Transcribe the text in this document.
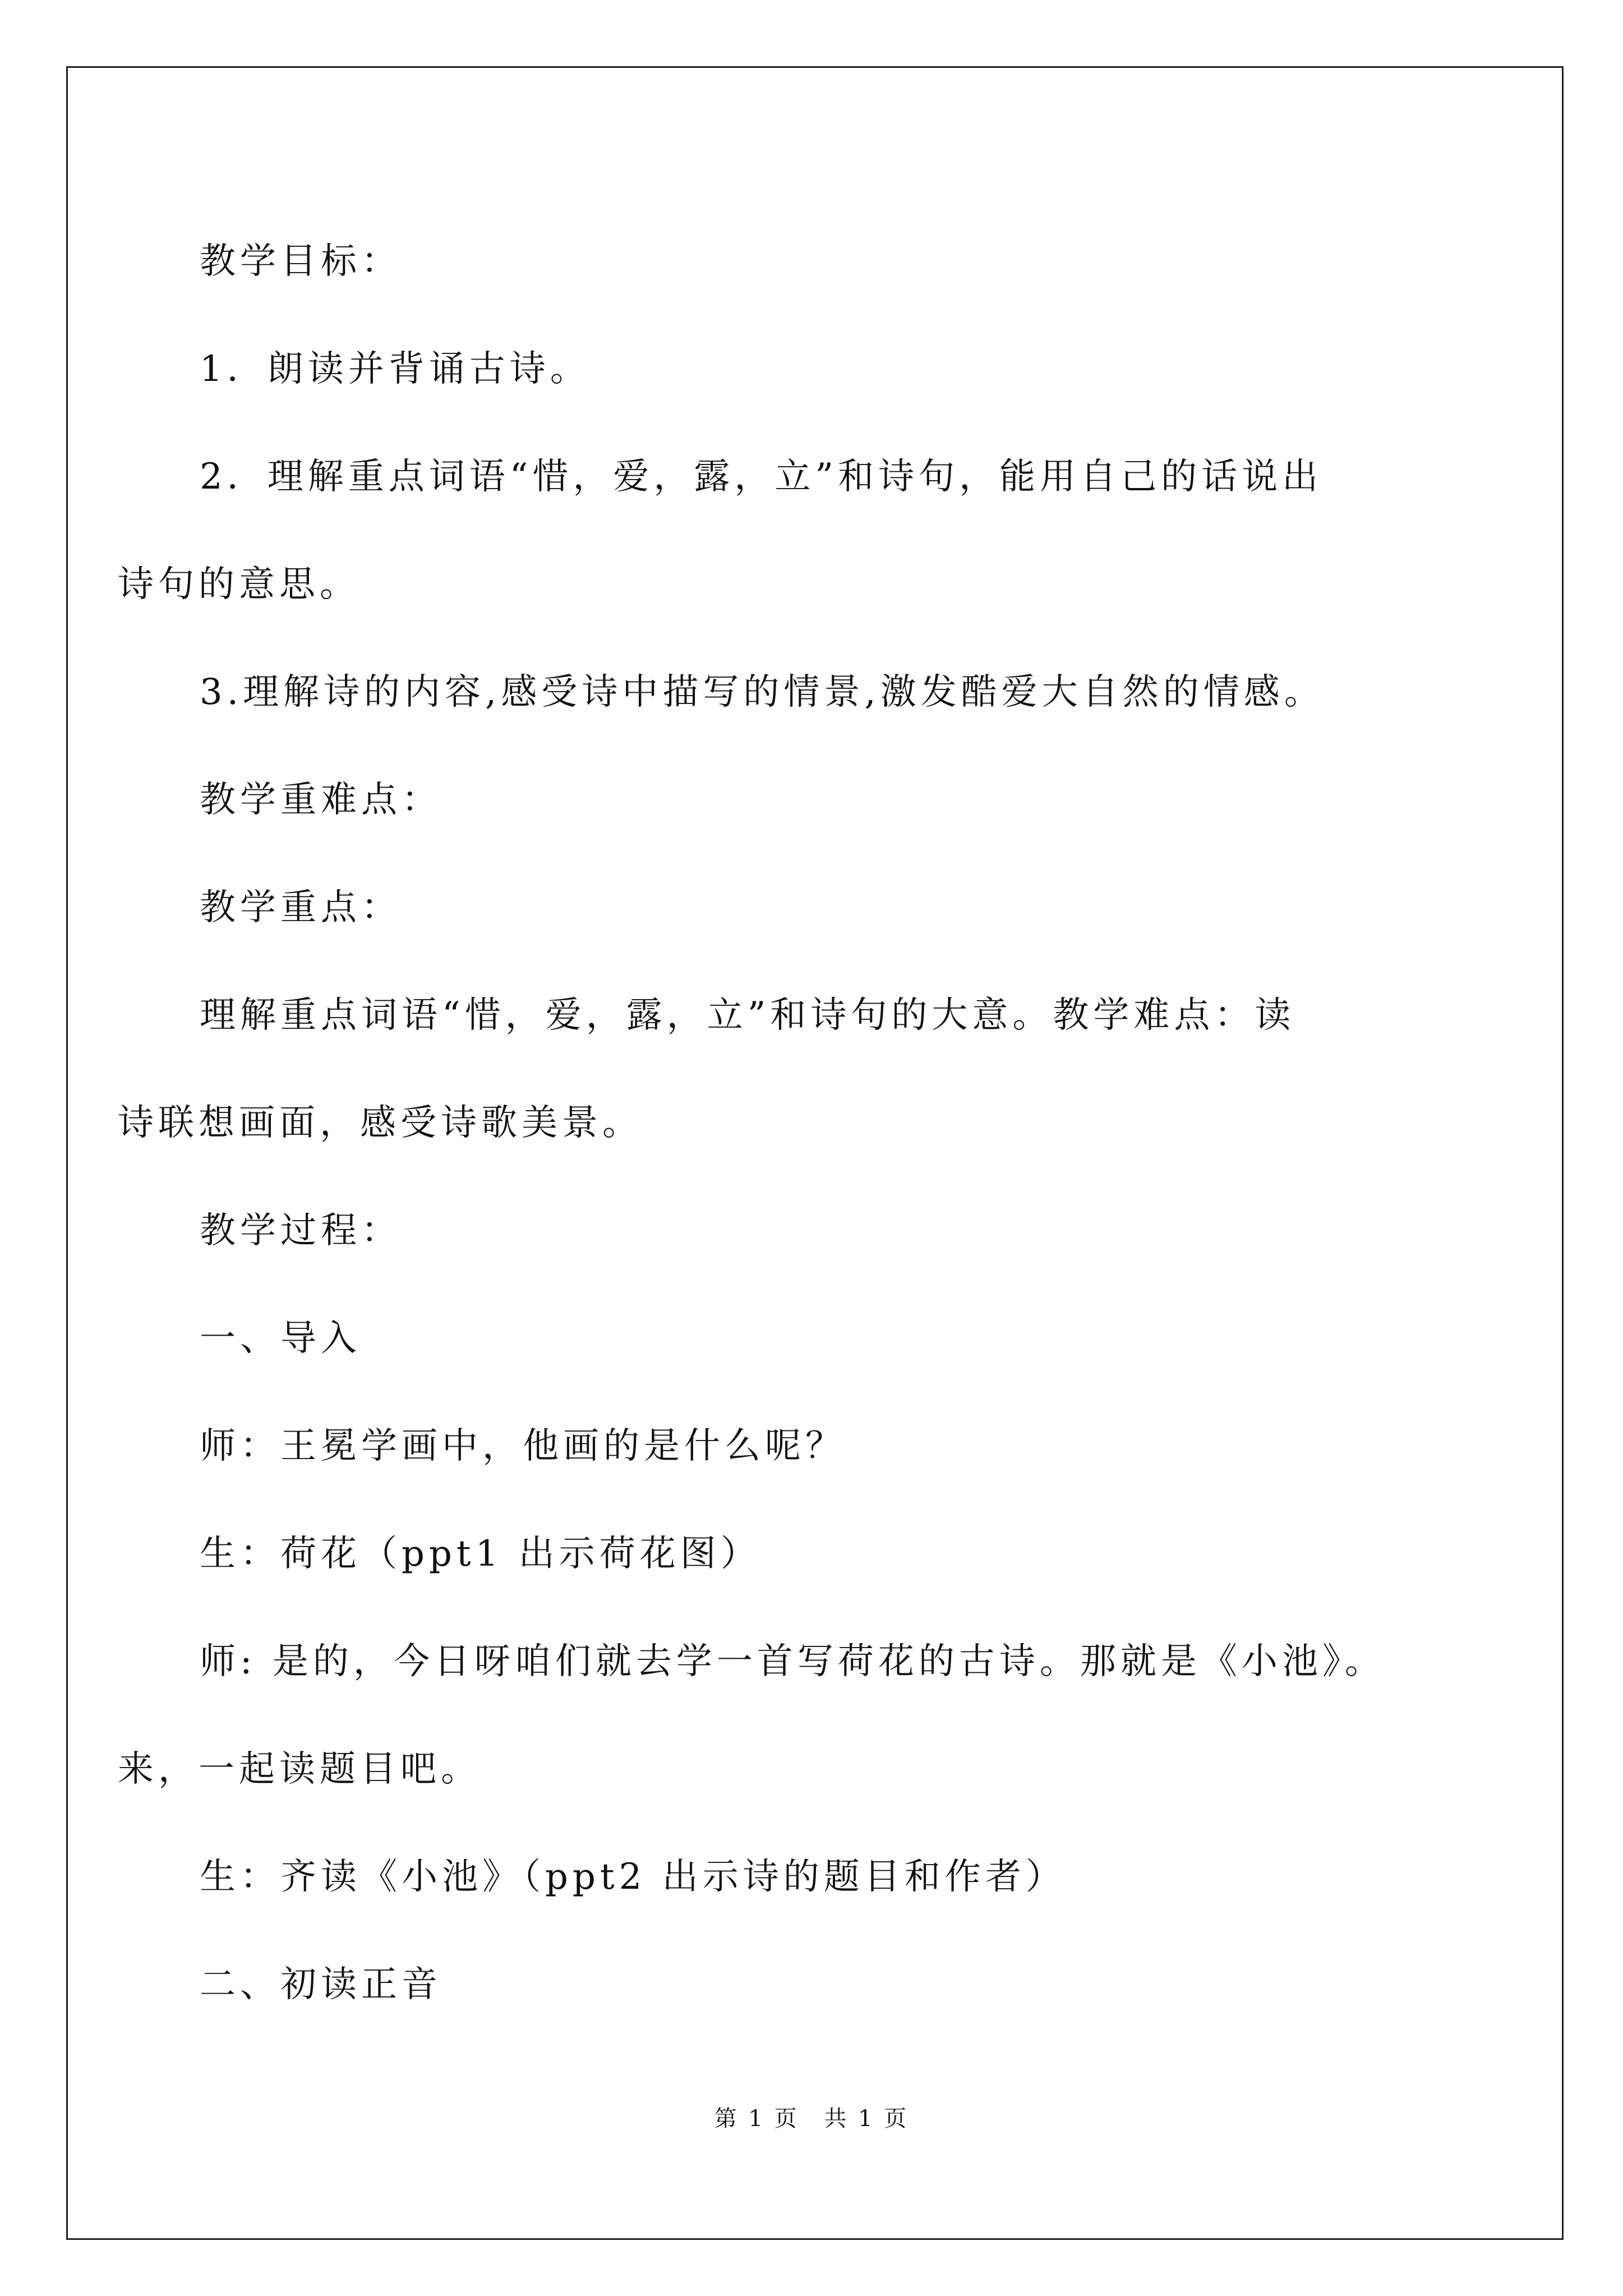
教学目标：

1．朗读并背诵古诗。

2．理解重点词语“惜，爱，露，立”和诗句，能用自己的话说出

诗句的意思。

3.理解诗的内容,感受诗中描写的情景,激发酷爱大自然的情感。

教学重难点：

教学重点：

理解重点词语“惜，爱，露，立”和诗句的大意。教学难点：读

诗联想画面，感受诗歌美景。

教学过程：

一、导入

师：王冕学画中，他画的是什么呢？

生：荷花（ppt1 出示荷花图）

师: 是的，今日呀咱们就去学一首写荷花的古诗。那就是《小池》。

来，一起读题目吧。

生：齐读《小池》（ppt2 出示诗的题目和作者）

二、初读正音

第 1 页 共 1 页
